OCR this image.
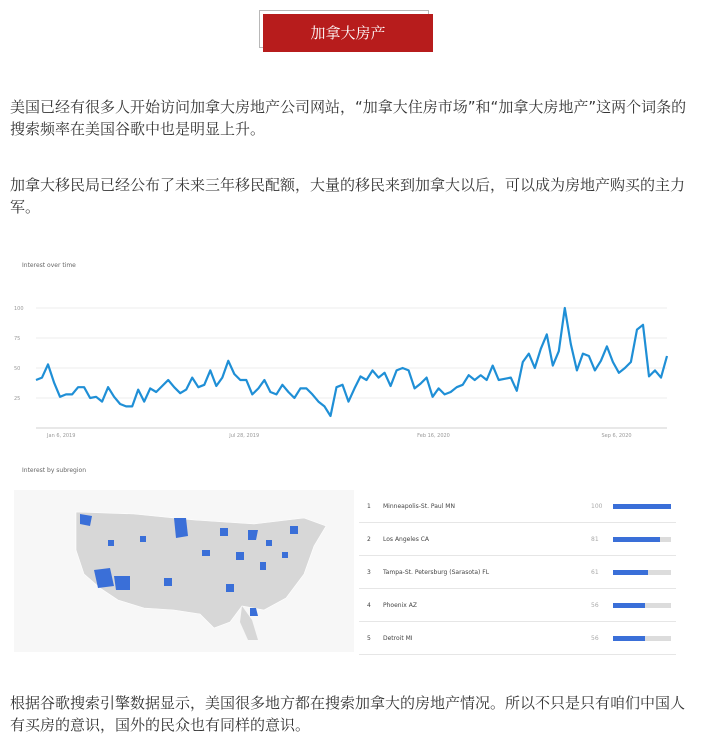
加拿大房产

美国已经有很多人开始访问加拿大房地产公司网站，“加拿大住房市场”和“加拿大房地产”这两个词条的搜索频率在美国谷歌中也是明显上升。

加拿大移民局已经公布了未来三年移民配额，大量的移民来到加拿大以后，可以成为房地产购买的主力军。

Interest over time
Interest by subregion
100
75
50
25
Jan 6, 2019	Jul 28, 2019	Feb 16, 2020	Sep 6, 2020
1 Minneapolis-St. Paul MN	100
2 Los Angeles CA	81
3 Tampa-St. Petersburg (Sarasota) FL	61
4 Phoenix AZ	56
5 Detroit MI	56

根据谷歌搜索引擎数据显示，美国很多地方都在搜索加拿大的房地产情况。所以不只是只有咱们中国人有买房的意识，国外的民众也有同样的意识。
